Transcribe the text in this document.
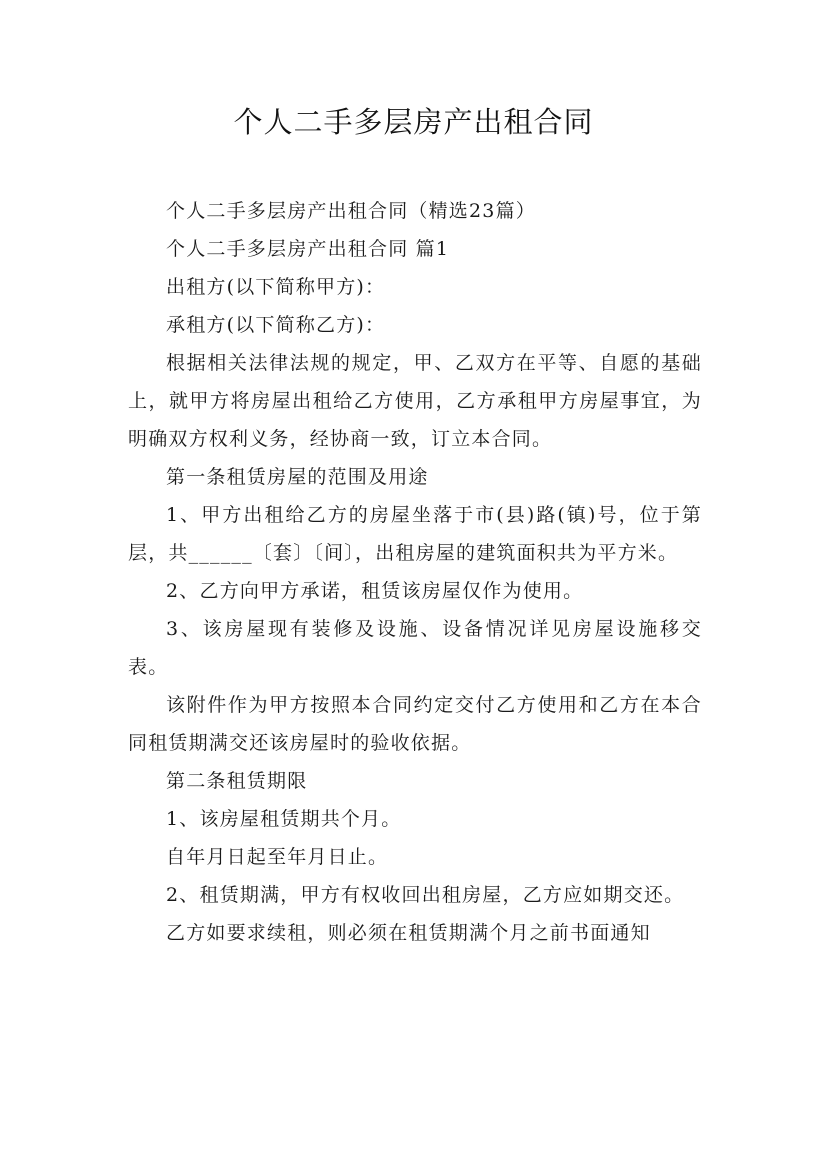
个人二手多层房产出租合同

个人二手多层房产出租合同（精选23篇）

个人二手多层房产出租合同 篇1

出租方(以下简称甲方)：

承租方(以下简称乙方)：

根据相关法律法规的规定，甲、乙双方在平等、自愿的基础上，就甲方将房屋出租给乙方使用，乙方承租甲方房屋事宜，为明确双方权利义务，经协商一致，订立本合同。

第一条租赁房屋的范围及用途

1、甲方出租给乙方的房屋坐落于市(县)路(镇)号，位于第层，共______〔套〕〔间〕，出租房屋的建筑面积共为平方米。

2、乙方向甲方承诺，租赁该房屋仅作为使用。

3、该房屋现有装修及设施、设备情况详见房屋设施移交表。

该附件作为甲方按照本合同约定交付乙方使用和乙方在本合同租赁期满交还该房屋时的验收依据。

第二条租赁期限

1、该房屋租赁期共个月。

自年月日起至年月日止。

2、租赁期满，甲方有权收回出租房屋，乙方应如期交还。

乙方如要求续租，则必须在租赁期满个月之前书面通知
